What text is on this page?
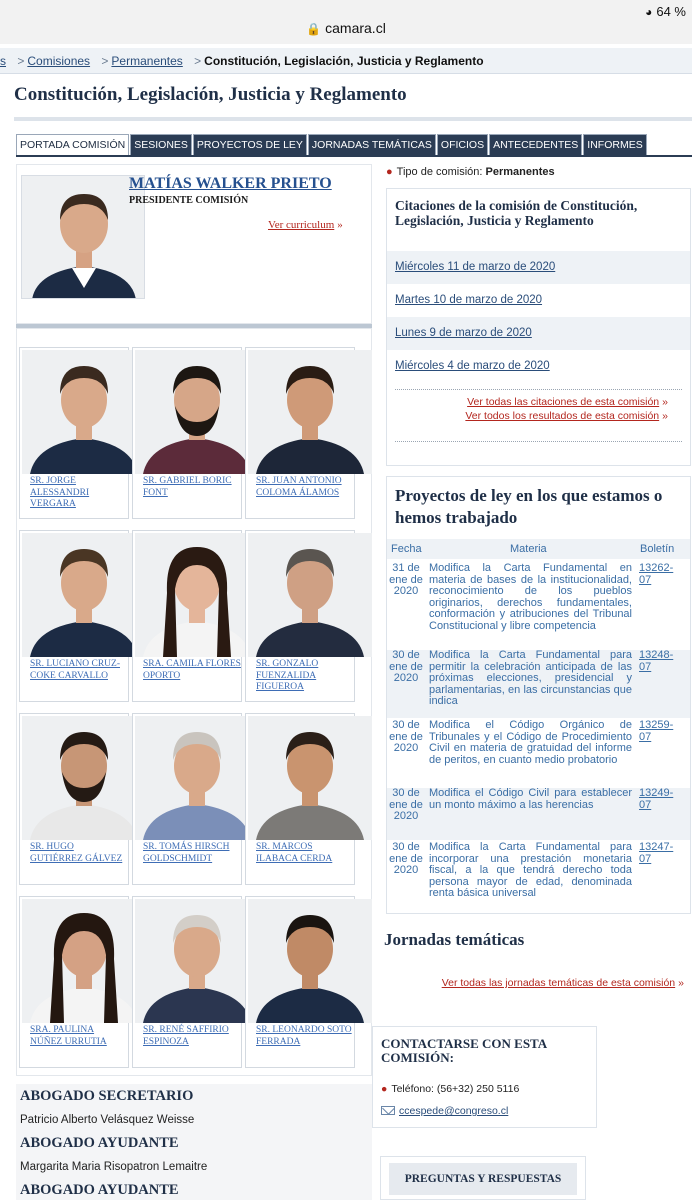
🔒 camara.cl
◕ 64 %
s > Comisiones > Permanentes > Constitución, Legislación, Justicia y Reglamento
Constitución, Legislación, Justicia y Reglamento
PORTADA COMISIÓN SESIONES PROYECTOS DE LEY JORNADAS TEMÁTICAS OFICIOS ANTECEDENTES INFORMES
MATÍAS WALKER PRIETO
PRESIDENTE COMISIÓN
Ver curriculum »
SR. JORGE ALESSANDRI VERGARA
SR. GABRIEL BORIC FONT
SR. JUAN ANTONIO COLOMA ÁLAMOS
SR. LUCIANO CRUZ-COKE CARVALLO
SRA. CAMILA FLORES OPORTO
SR. GONZALO FUENZALIDA FIGUEROA
SR. HUGO GUTIÉRREZ GÁLVEZ
SR. TOMÁS HIRSCH GOLDSCHMIDT
SR. MARCOS ILABACA CERDA
SRA. PAULINA NÚÑEZ URRUTIA
SR. RENÉ SAFFIRIO ESPINOZA
SR. LEONARDO SOTO FERRADA
ABOGADO SECRETARIO
Patricio Alberto Velásquez Weisse
ABOGADO AYUDANTE
Margarita Maria Risopatron Lemaitre
ABOGADO AYUDANTE
● Tipo de comisión: Permanentes
Citaciones de la comisión de Constitución, Legislación, Justicia y Reglamento
Miércoles 11 de marzo de 2020
Martes 10 de marzo de 2020
Lunes 9 de marzo de 2020
Miércoles 4 de marzo de 2020
Ver todas las citaciones de esta comisión »
Ver todos los resultados de esta comisión »
Proyectos de ley en los que estamos o hemos trabajado
Fecha	Materia	Boletín
31 de ene de 2020
Modifica la Carta Fundamental en materia de bases de la institucionalidad, reconocimiento de los pueblos originarios, derechos fundamentales, conformación y atribuciones del Tribunal Constitucional y libre competencia
13262-07
30 de ene de 2020
Modifica la Carta Fundamental para permitir la celebración anticipada de las próximas elecciones, presidencial y parlamentarias, en las circunstancias que indica
13248-07
30 de ene de 2020
Modifica el Código Orgánico de Tribunales y el Código de Procedimiento Civil en materia de gratuidad del informe de peritos, en cuanto medio probatorio
13259-07
30 de ene de 2020
Modifica el Código Civil para establecer un monto máximo a las herencias
13249-07
30 de ene de 2020
Modifica la Carta Fundamental para incorporar una prestación monetaria fiscal, a la que tendrá derecho toda persona mayor de edad, denominada renta básica universal
13247-07
Jornadas temáticas
Ver todas las jornadas temáticas de esta comisión »
CONTACTARSE CON ESTA COMISIÓN:
● Teléfono: (56+32) 250 5116
ccespede@congreso.cl
PREGUNTAS Y RESPUESTAS
